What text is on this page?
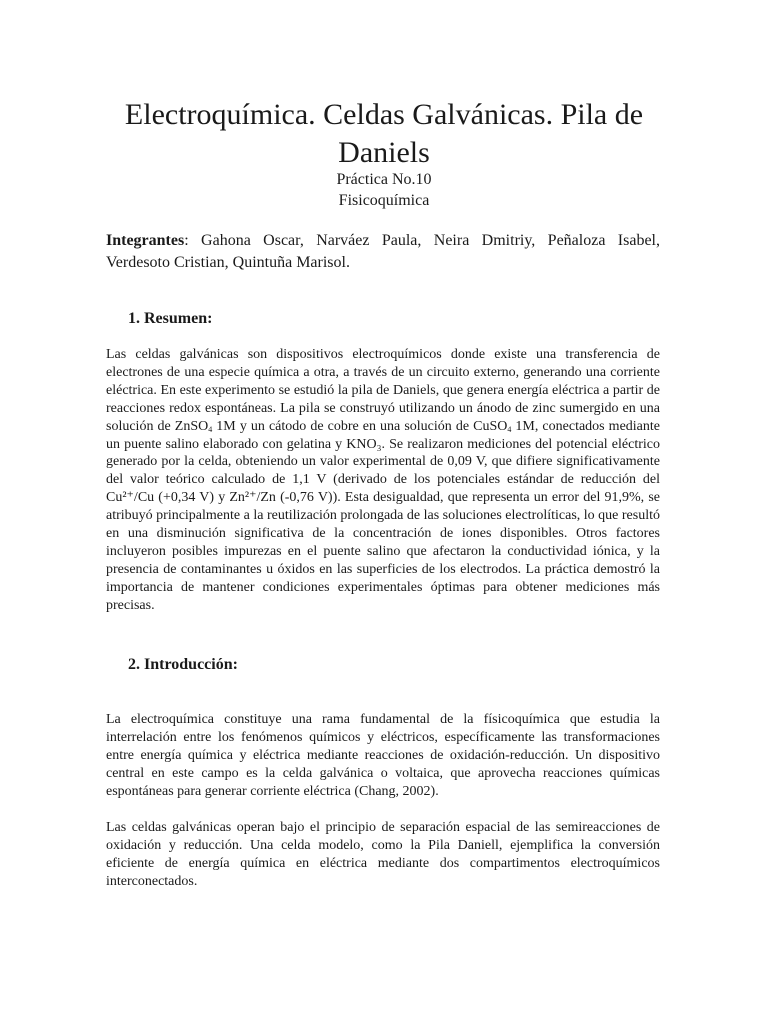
Electroquímica. Celdas Galvánicas. Pila de Daniels
Práctica No.10
Fisicoquímica
Integrantes: Gahona Oscar, Narváez Paula, Neira Dmitriy, Peñaloza Isabel, Verdesoto Cristian, Quintuña Marisol.
1. Resumen:

Las celdas galvánicas son dispositivos electroquímicos donde existe una transferencia de electrones de una especie química a otra, a través de un circuito externo, generando una corriente eléctrica. En este experimento se estudió la pila de Daniels, que genera energía eléctrica a partir de reacciones redox espontáneas. La pila se construyó utilizando un ánodo de zinc sumergido en una solución de ZnSO$_4$ 1M y un cátodo de cobre en una solución de CuSO$_4$ 1M, conectados mediante un puente salino elaborado con gelatina y KNO₃. Se realizaron mediciones del potencial eléctrico generado por la celda, obteniendo un valor experimental de 0,09 V, que difiere significativamente del valor teórico calculado de 1,1 V (derivado de los potenciales estándar de reducción del Cu²⁺/Cu (+0,34 V) y Zn²⁺/Zn (-0,76 V)). Esta desigualdad, que representa un error del 91,9%, se atribuyó principalmente a la reutilización prolongada de las soluciones electrolíticas, lo que resultó en una disminución significativa de la concentración de iones disponibles. Otros factores incluyeron posibles impurezas en el puente salino que afectaron la conductividad iónica, y la presencia de contaminantes u óxidos en las superficies de los electrodos. La práctica demostró la importancia de mantener condiciones experimentales óptimas para obtener mediciones más precisas.

2. Introducción:

La electroquímica constituye una rama fundamental de la físicoquímica que estudia la interrelación entre los fenómenos químicos y eléctricos, específicamente las transformaciones entre energía química y eléctrica mediante reacciones de oxidación-reducción. Un dispositivo central en este campo es la celda galvánica o voltaica, que aprovecha reacciones químicas espontáneas para generar corriente eléctrica (Chang, 2002).

Las celdas galvánicas operan bajo el principio de separación espacial de las semireacciones de oxidación y reducción. Una celda modelo, como la Pila Daniell, ejemplifica la conversión eficiente de energía química en eléctrica mediante dos compartimentos electroquímicos interconectados.
